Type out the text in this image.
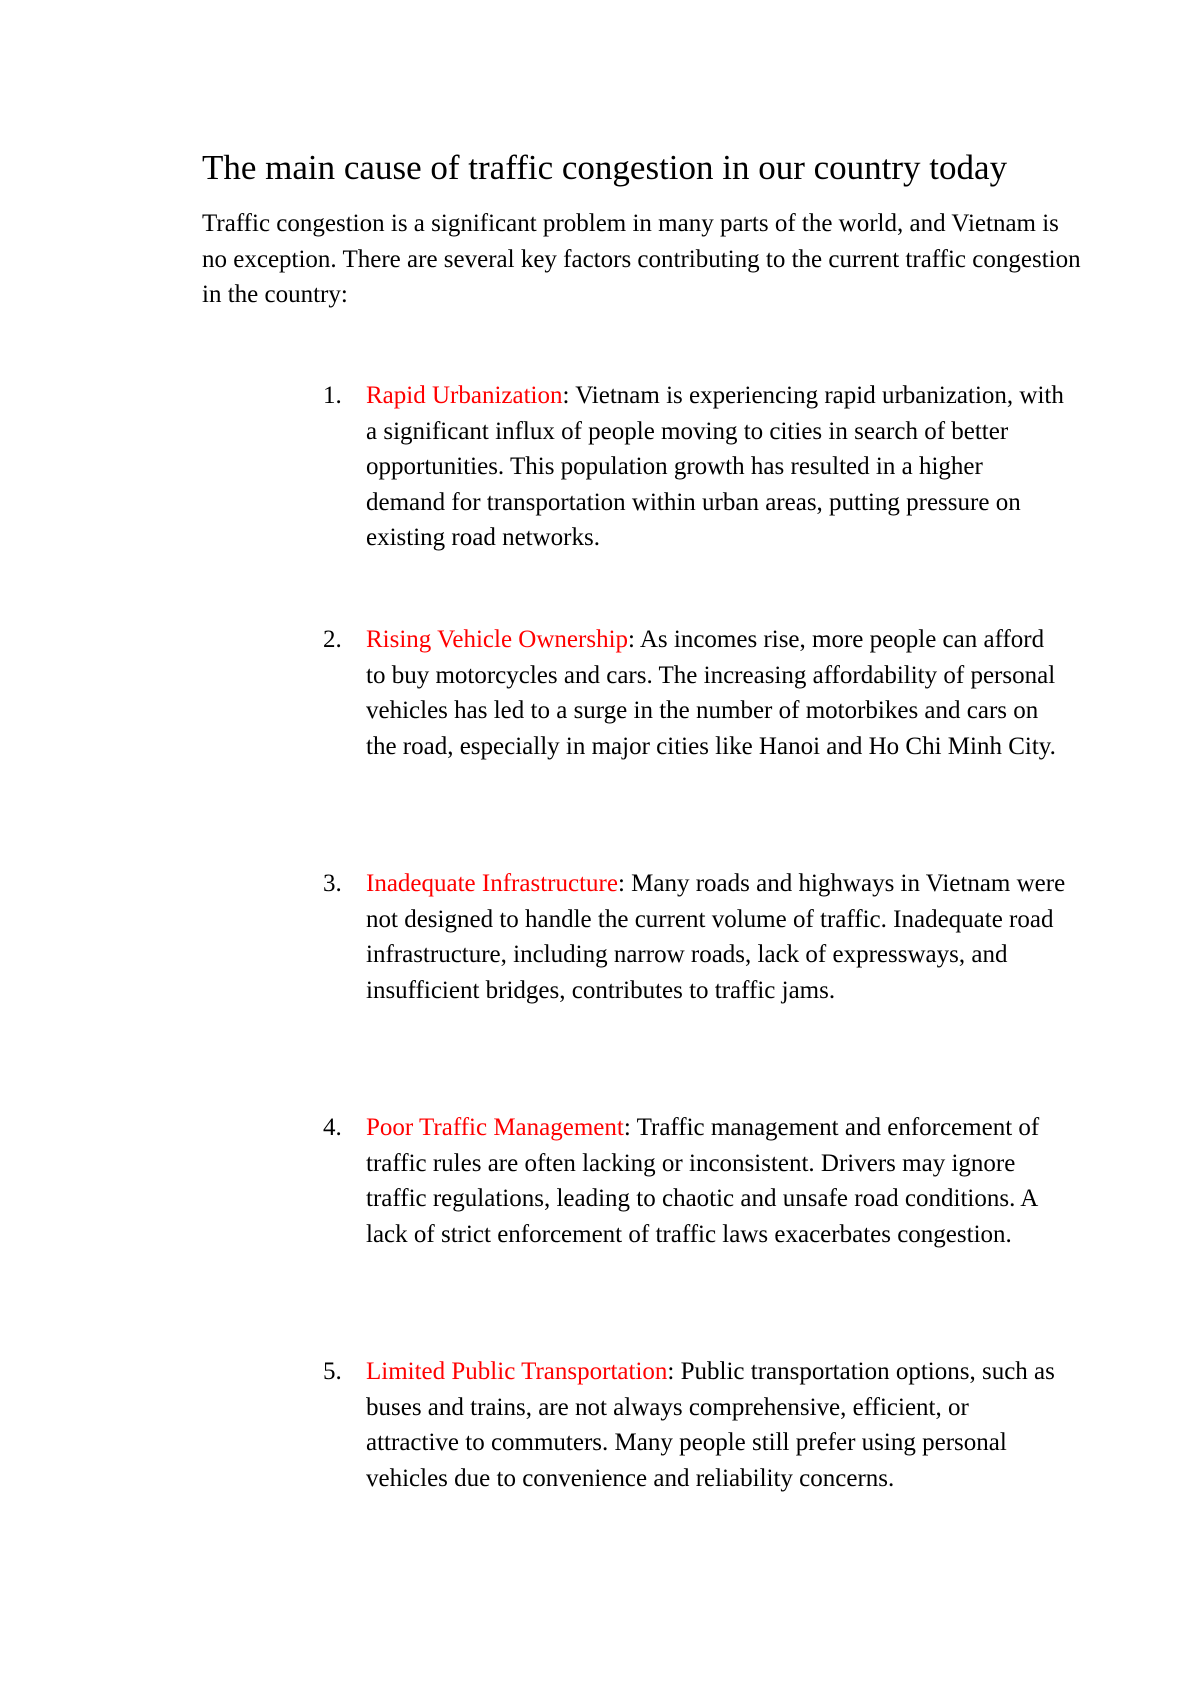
The main cause of traffic congestion in our country today

Traffic congestion is a significant problem in many parts of the world, and Vietnam is no exception. There are several key factors contributing to the current traffic congestion in the country:

1. Rapid Urbanization: Vietnam is experiencing rapid urbanization, with a significant influx of people moving to cities in search of better opportunities. This population growth has resulted in a higher demand for transportation within urban areas, putting pressure on existing road networks.
2. Rising Vehicle Ownership: As incomes rise, more people can afford to buy motorcycles and cars. The increasing affordability of personal vehicles has led to a surge in the number of motorbikes and cars on the road, especially in major cities like Hanoi and Ho Chi Minh City.
3. Inadequate Infrastructure: Many roads and highways in Vietnam were not designed to handle the current volume of traffic. Inadequate road infrastructure, including narrow roads, lack of expressways, and insufficient bridges, contributes to traffic jams.
4. Poor Traffic Management: Traffic management and enforcement of traffic rules are often lacking or inconsistent. Drivers may ignore traffic regulations, leading to chaotic and unsafe road conditions. A lack of strict enforcement of traffic laws exacerbates congestion.
5. Limited Public Transportation: Public transportation options, such as buses and trains, are not always comprehensive, efficient, or attractive to commuters. Many people still prefer using personal vehicles due to convenience and reliability concerns.
